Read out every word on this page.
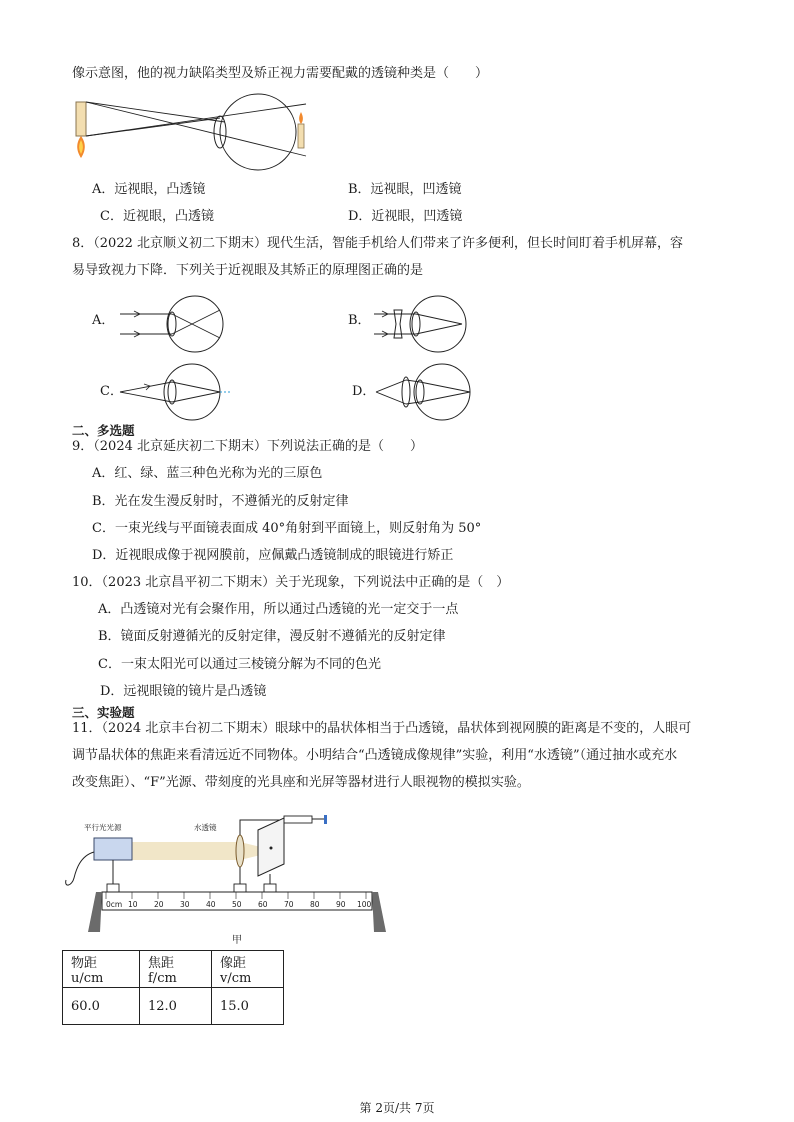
像示意图，他的视力缺陷类型及矫正视力需要配戴的透镜种类是（　　）
A．远视眼，凸透镜	B．远视眼，凹透镜
C．近视眼，凸透镜	D．近视眼，凹透镜
8．（2022 北京顺义初二下期末）现代生活，智能手机给人们带来了许多便利，但长时间盯着手机屏幕，容
易导致视力下降．下列关于近视眼及其矫正的原理图正确的是
A．	B．
C．	D．
二、多选题
9．（2024 北京延庆初二下期末）下列说法正确的是（　　）
A．红、绿、蓝三种色光称为光的三原色
B．光在发生漫反射时，不遵循光的反射定律
C．一束光线与平面镜表面成 40°角射到平面镜上，则反射角为 50°
D．近视眼成像于视网膜前，应佩戴凸透镜制成的眼镜进行矫正
10．（2023 北京昌平初二下期末）关于光现象，下列说法中正确的是（　）
A．凸透镜对光有会聚作用，所以通过凸透镜的光一定交于一点
B．镜面反射遵循光的反射定律，漫反射不遵循光的反射定律
C．一束太阳光可以通过三棱镜分解为不同的色光
D．远视眼镜的镜片是凸透镜
三、实验题
11．（2024 北京丰台初二下期末）眼球中的晶状体相当于凸透镜，晶状体到视网膜的距离是不变的，人眼可
调节晶状体的焦距来看清远近不同物体。小明结合“凸透镜成像规律”实验，利用“水透镜”（通过抽水或充水
改变焦距）、“F”光源、带刻度的光具座和光屏等器材进行人眼视物的模拟实验。
0cm 10 20 30 40 50 60 70 80 90 100
平行光光源	水透镜
甲
物距 u/cm	焦距 f/cm	像距 v/cm
60.0	12.0	15.0
第 2页/共 7页
